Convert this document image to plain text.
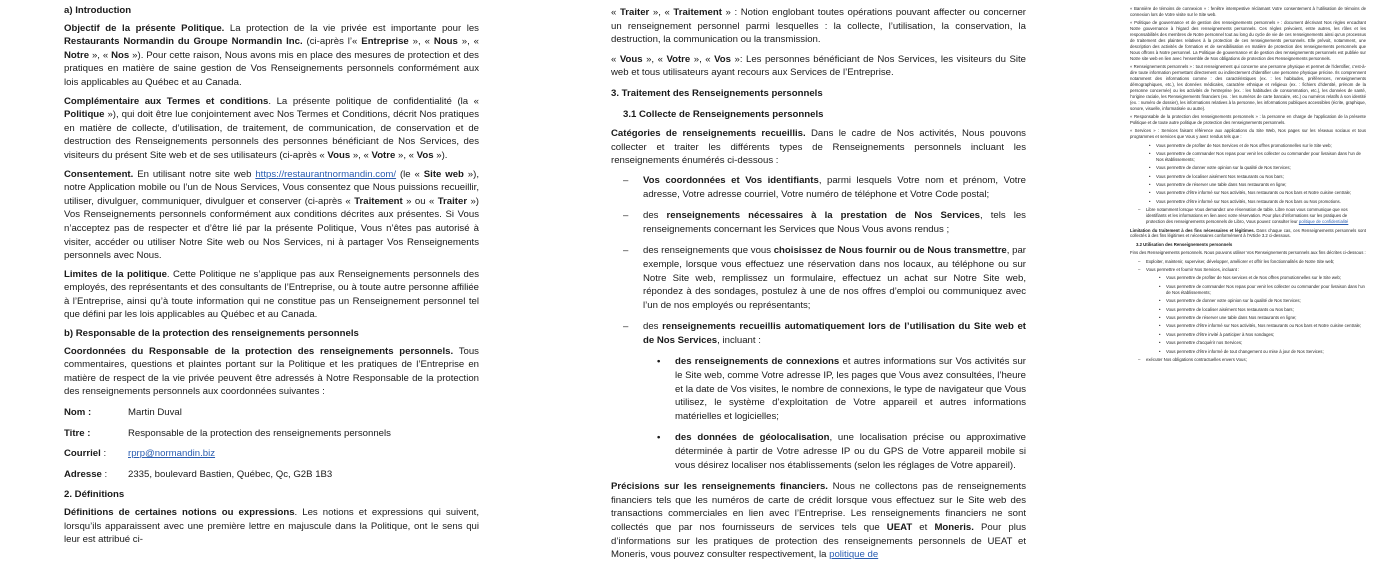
a) Introduction

Objectif de la présente Politique. La protection de la vie privée est importante pour les Restaurants Normandin du Groupe Normandin Inc. (ci-après l’« Entreprise », « Nous », « Notre », « Nos »). Pour cette raison, Nous avons mis en place des mesures de protection et des pratiques en matière de saine gestion de Vos Renseignements personnels conformément aux lois applicables au Québec et au Canada.

Complémentaire aux Termes et conditions. La présente politique de confidentialité (la « Politique »), qui doit être lue conjointement avec Nos Termes et Conditions, décrit Nos pratiques en matière de collecte, d’utilisation, de traitement, de communication, de conservation et de destruction des Renseignements personnels des personnes bénéficiant de Nos Services, des visiteurs du présent Site web et de ses utilisateurs (ci-après « Vous », « Votre », « Vos »).

Consentement. En utilisant notre site web https://restaurantnormandin.com/ (le « Site web »), notre Application mobile ou l’un de Nous Services, Vous consentez que Nous puissions recueillir, utiliser, divulguer, communiquer, divulguer et conserver (ci-après « Traitement » ou « Traiter ») Vos Renseignements personnels conformément aux conditions décrites aux présentes. Si Vous n’acceptez pas de respecter et d’être lié par la présente Politique, Vous n’êtes pas autorisé à visiter, accéder ou utiliser Notre Site web ou Nos Services, ni à partager Vos Renseignements personnels avec Nous.

Limites de la politique. Cette Politique ne s’applique pas aux Renseignements personnels des employés, des représentants et des consultants de l’Entreprise, ou à toute autre personne affiliée à l’Entreprise, ainsi qu’à toute information qui ne constitue pas un Renseignement personnel tel que défini par les lois applicables au Québec et au Canada.

b) Responsable de la protection des renseignements personnels

Coordonnées du Responsable de la protection des renseignements personnels. Tous commentaires, questions et plaintes portant sur la Politique et les pratiques de l’Entreprise en matière de respect de la vie privée peuvent être adressés à Notre Responsable de la protection des renseignements personnels aux coordonnées suivantes :

Nom :	Martin Duval
Titre :	Responsable de la protection des renseignements personnels
Courriel :	rprp@normandin.biz
Adresse :	2335, boulevard Bastien, Québec, Qc, G2B 1B3
2. Définitions

Définitions de certaines notions ou expressions. Les notions et expressions qui suivent, lorsqu’ils apparaissent avec une première lettre en majuscule dans la Politique, ont le sens qui leur est attribué ci-

« Traiter », « Traitement » : Notion englobant toutes opérations pouvant affecter ou concerner un renseignement personnel parmi lesquelles : la collecte, l’utilisation, la conservation, la destruction, la communication ou la transmission.

« Vous », « Votre », « Vos »: Les personnes bénéficiant de Nos Services, les visiteurs du Site web et tous utilisateurs ayant recours aux Services de l’Entreprise.

3. Traitement des Renseignements personnels
3.1 Collecte de Renseignements personnels

Catégories de renseignements recueillis. Dans le cadre de Nos activités, Nous pouvons collecter et traiter les différents types de Renseignements personnels incluant les renseignements énumérés ci-dessous :

– Vos coordonnées et Vos identifiants, parmi lesquels Votre nom et prénom, Votre adresse, Votre adresse courriel, Votre numéro de téléphone et Votre Code postal;
– des renseignements nécessaires à la prestation de Nos Services, tels les renseignements concernant les Services que Nous Vous avons rendus ;
– des renseignements que vous choisissez de Nous fournir ou de Nous transmettre, par exemple, lorsque vous effectuez une réservation dans nos locaux, au téléphone ou sur Notre Site web, remplissez un formulaire, effectuez un achat sur Notre Site web, répondez à des sondages, postulez à une de nos offres d’emploi ou communiquez avec l’un de nos employés ou représentants;
– des renseignements recueillis automatiquement lors de l’utilisation du Site web et de Nos Services, incluant :
• des renseignements de connexions et autres informations sur Vos activités sur le Site web, comme Votre adresse IP, les pages que Vous avez consultées, l’heure et la date de Vos visites, le nombre de connexions, le type de navigateur que Vous utilisez, le système d’exploitation de Votre appareil et autres informations matérielles et logicielles;
• des données de géolocalisation, une localisation précise ou approximative déterminée à partir de Votre adresse IP ou du GPS de Votre appareil mobile si vous désirez localiser nos établissements (selon les réglages de Votre appareil).

Précisions sur les renseignements financiers. Nous ne collectons pas de renseignements financiers tels que les numéros de carte de crédit lorsque vous effectuez sur le Site web des transactions commerciales en lien avec l’Entreprise. Les renseignements financiers ne sont collectés que par nos fournisseurs de services tels que UEAT et Moneris. Pour plus d’informations sur les pratiques de protection des renseignements personnels de UEAT et Moneris, vous pouvez consulter respectivement, la politique de

« Bannière de témoins de connexion » : fenêtre intempestive réclamant Votre consentement à l’utilisation de témoins de connexion lors de Votre visite sur le Site web.

« Politique de gouvernance et de gestion des renseignements personnels » : document décrivant Nos règles encadrant Notre gouvernance à l’égard des renseignements personnels. Ces règles prévoient, entre autres, les rôles et les responsabilités des membres de Notre personnel tout au long du cycle de vie de ces renseignements ainsi qu’un processus de traitement des plaintes relatives à la protection de ces renseignements personnels. Elle prévoit, notamment, une description des activités de formation et de sensibilisation en matière de protection des renseignements personnels que Nous offrons à Notre personnel. La Politique de gouvernance et de gestion des renseignements personnels est publiée sur Notre site web en lien avec l’ensemble de Nos obligations de protection des Renseignements personnels.

« Renseignements personnels » : tout renseignement qui concerne une personne physique et permet de l’identifier, c’est-à-dire toute information permettant directement ou indirectement d’identifier une personne physique précise. Ils comprennent notamment des informations comme : des caractéristiques (ex. : les habitudes, préférences, renseignements démographiques, etc.), les données médicales, caractère ethnique et religieux (ex. : fichiers d’identité, prénom de la personne concernée) ou les activités de l’entreprise (ex. : les habitudes de consommation, etc.), les données de santé, l’origine raciale, les Renseignements financiers (ex. : les numéros de carte bancaire, etc.) ou numéros relatifs à son identité (ex. : numéro de dossier), les informations relatives à la personne, les informations publiques accessibles (écrite, graphique, sonore, visuelle, informatisée ou autre).

« Responsable de la protection des renseignements personnels » : la personne en charge de l’application de la présente Politique et de toute autre politique de protection des renseignements personnels.

« Services » : Services faisant référence aux applications du Site Web, Nos pages sur les réseaux sociaux et tous programmes et services que Vous y avez rendus tels que :

• Vous permettre de profiter de Nos Services et de Nos offres promotionnelles sur le Site web;
• Vous permettre de commander Nos repas pour venir les collecter ou commander pour livraison dans l’un de Nos établissements;
• Vous permettre de donner votre opinion sur la qualité de Nos Services;
• Vous permettre de localiser aisément Nos restaurants ou Nos bars;
• Vous permettre de réserver une table dans Nos restaurants en ligne;
• Vous permettre d’être informé sur Nos activités, Nos restaurants ou Nos bars et Notre cuisine centrale;
• Vous permettre d’être informé sur Nos activités, Nos restaurants de Nos bars ou Nos promotions.
– Libre notamment lorsque Vous demandez une réservation de table. Libre nous vous communique que vos identifiants et les informations en lien avec votre réservation. Pour plus d’informations sur les pratiques de protection des renseignements personnels de Libro, Vous pouvez consulter leur politique de confidentialité

Limitation du traitement à des fins nécessaires et légitimes. Dans chaque cas, ces Renseignements personnels sont collectés à des fins légitimes et nécessaires conformément à l’Article 3.2 ci-dessous.

3.2 Utilisation des Renseignements personnels

Fins des Renseignements personnels. Nous pouvons utiliser Vos Renseignements personnels aux fins décrites ci-dessous :

– Exploiter, maintenir, superviser, développer, améliorer et offrir les fonctionnalités de Notre Site web;
– Vous permettre et fournir Nos Services, incluant :
• Vous permettre de profiter de Nos services et de Nos offres promotionnelles sur le Site web;
• Vous permettre de commander Nos repas pour venir les collecter ou commander pour livraison dans l’un de Nos établissements;
• Vous permettre de donner votre opinion sur la qualité de Nos Services;
• Vous permettre de localiser aisément Nos restaurants ou Nos bars;
• Vous permettre de réserver une table dans Nos restaurants en ligne;
• Vous permettre d’être informé sur Nos activités, Nos restaurants ou Nos bars et Notre cuisine centrale;
• Vous permettre d’être invité à participer à Nos sondages;
• Vous permettre d’acquérir nos Services;
• Vous permettre d’être informé de tout changement ou mise à jour de Nos Services;
– exécuter Nos obligations contractuelles envers Vous;
